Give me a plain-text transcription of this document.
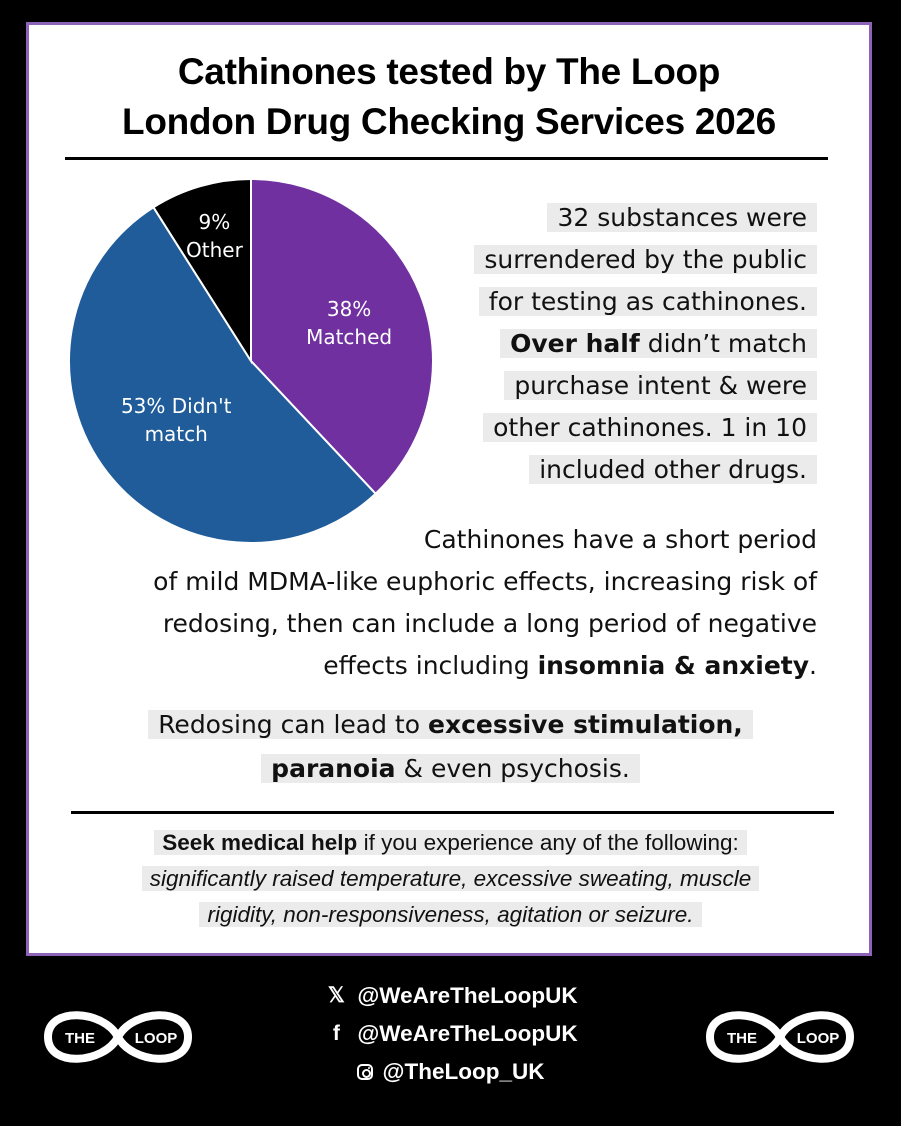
Cathinones tested by The Loop
London Drug Checking Services 2026
38% Matched
53% Didn't match
9% Other
32 substances were
surrendered by the public
for testing as cathinones.
Over half didn’t match
purchase intent & were
other cathinones. 1 in 10
included other drugs.
Cathinones have a short period
of mild MDMA-like euphoric effects, increasing risk of
redosing, then can include a long period of negative
effects including insomnia & anxiety.
Redosing can lead to excessive stimulation,
paranoia & even psychosis.
Seek medical help if you experience any of the following:
significantly raised temperature, excessive sweating, muscle
rigidity, non-responsiveness, agitation or seizure.
THE	LOOP
𝕏 @WeAreTheLoopUK
f @WeAreTheLoopUK
@TheLoop_UK
THE	LOOP
